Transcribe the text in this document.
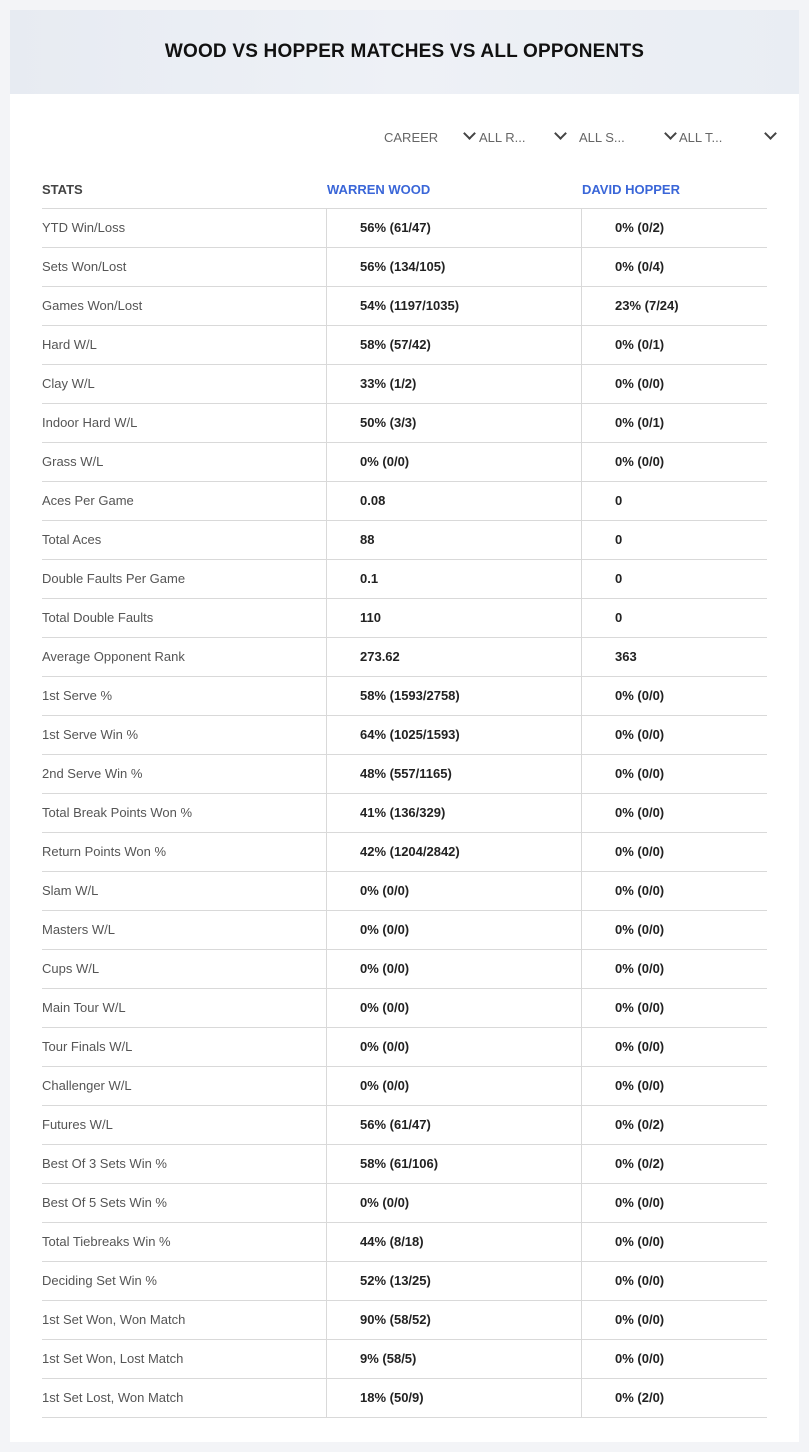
WOOD VS HOPPER MATCHES VS ALL OPPONENTS
CAREER	ALL R...	ALL S...	ALL T...
STATS	WARREN WOOD	DAVID HOPPER
YTD Win/Loss	56% (61/47)	0% (0/2)
Sets Won/Lost	56% (134/105)	0% (0/4)
Games Won/Lost	54% (1197/1035)	23% (7/24)
Hard W/L	58% (57/42)	0% (0/1)
Clay W/L	33% (1/2)	0% (0/0)
Indoor Hard W/L	50% (3/3)	0% (0/1)
Grass W/L	0% (0/0)	0% (0/0)
Aces Per Game	0.08	0
Total Aces	88	0
Double Faults Per Game	0.1	0
Total Double Faults	110	0
Average Opponent Rank	273.62	363
1st Serve %	58% (1593/2758)	0% (0/0)
1st Serve Win %	64% (1025/1593)	0% (0/0)
2nd Serve Win %	48% (557/1165)	0% (0/0)
Total Break Points Won %	41% (136/329)	0% (0/0)
Return Points Won %	42% (1204/2842)	0% (0/0)
Slam W/L	0% (0/0)	0% (0/0)
Masters W/L	0% (0/0)	0% (0/0)
Cups W/L	0% (0/0)	0% (0/0)
Main Tour W/L	0% (0/0)	0% (0/0)
Tour Finals W/L	0% (0/0)	0% (0/0)
Challenger W/L	0% (0/0)	0% (0/0)
Futures W/L	56% (61/47)	0% (0/2)
Best Of 3 Sets Win %	58% (61/106)	0% (0/2)
Best Of 5 Sets Win %	0% (0/0)	0% (0/0)
Total Tiebreaks Win %	44% (8/18)	0% (0/0)
Deciding Set Win %	52% (13/25)	0% (0/0)
1st Set Won, Won Match	90% (58/52)	0% (0/0)
1st Set Won, Lost Match	9% (58/5)	0% (0/0)
1st Set Lost, Won Match	18% (50/9)	0% (2/0)
